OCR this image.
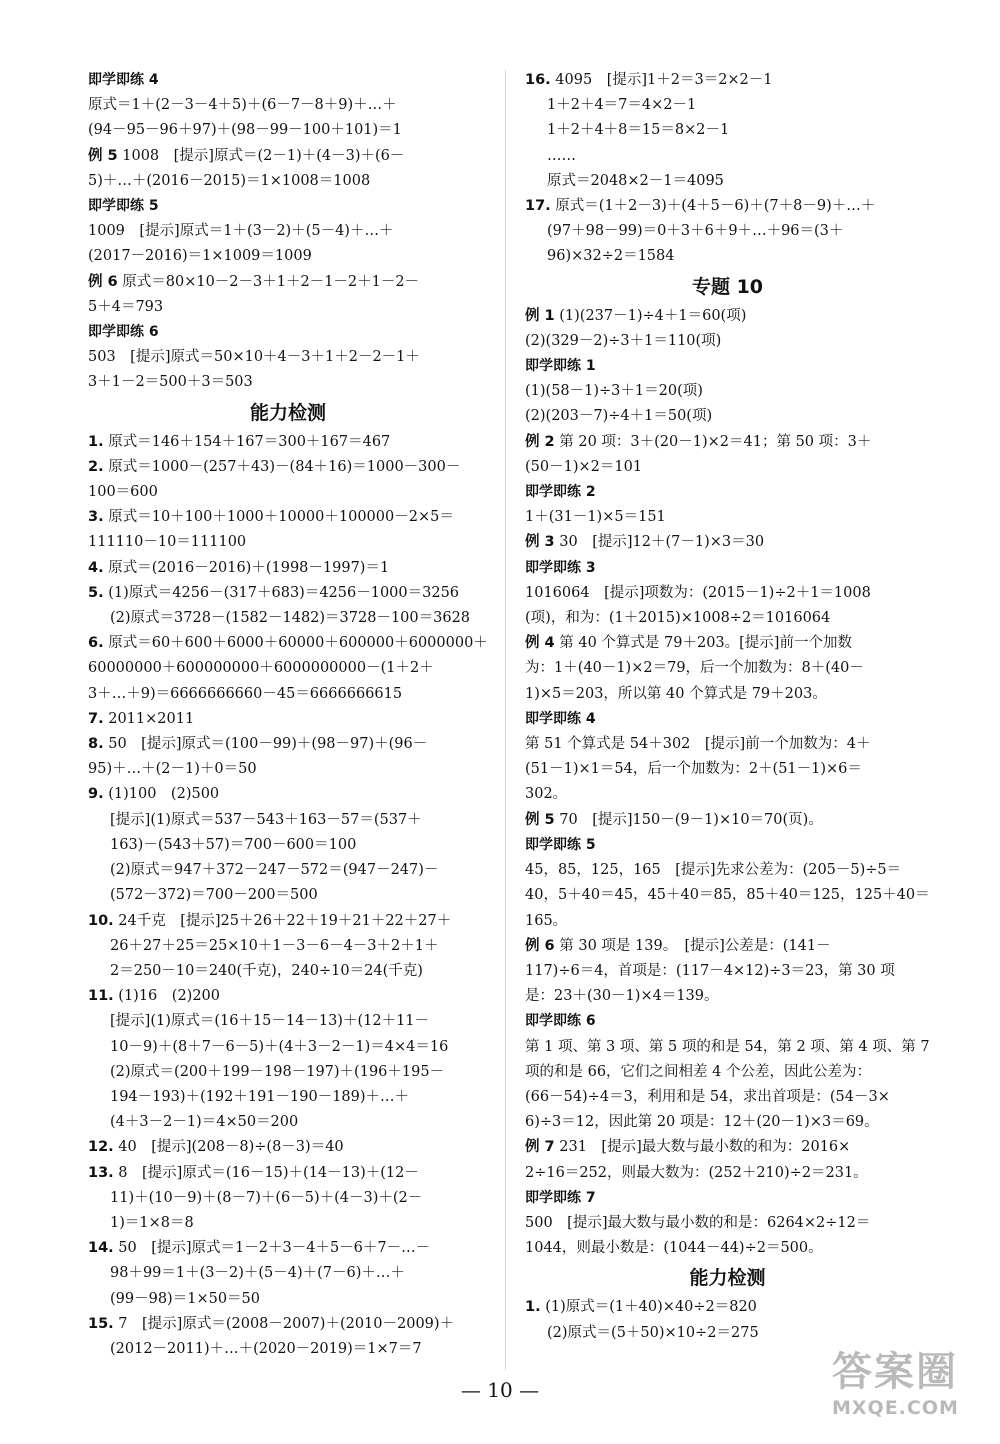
即学即练 4
原式＝1＋(2－3－4＋5)＋(6－7－8＋9)＋…＋
(94－95－96＋97)＋(98－99－100＋101)＝1
例 5 1008　[提示]原式＝(2－1)＋(4－3)＋(6－
5)＋…＋(2016－2015)＝1×1008＝1008
即学即练 5
1009　[提示]原式＝1＋(3－2)＋(5－4)＋…＋
(2017－2016)＝1×1009＝1009
例 6 原式＝80×10－2－3＋1＋2－1－2＋1－2－
5＋4＝793
即学即练 6
503　[提示]原式＝50×10＋4－3＋1＋2－2－1＋
3＋1－2＝500＋3＝503
能力检测
1. 原式＝146＋154＋167＝300＋167＝467
2. 原式＝1000－(257＋43)－(84＋16)＝1000－300－
100＝600
3. 原式＝10＋100＋1000＋10000＋100000－2×5＝
111110－10＝111100
4. 原式＝(2016－2016)＋(1998－1997)＝1
5. (1)原式＝4256－(317＋683)＝4256－1000＝3256
(2)原式＝3728－(1582－1482)＝3728－100＝3628
6. 原式＝60＋600＋6000＋60000＋600000＋6000000＋
60000000＋600000000＋6000000000－(1＋2＋
3＋…＋9)＝6666666660－45＝6666666615
7. 2011×2011
8. 50　[提示]原式＝(100－99)＋(98－97)＋(96－
95)＋…＋(2－1)＋0＝50
9. (1)100　(2)500
[提示](1)原式＝537－543＋163－57＝(537＋
163)－(543＋57)＝700－600＝100
(2)原式＝947＋372－247－572＝(947－247)－
(572－372)＝700－200＝500
10. 24千克　[提示]25＋26＋22＋19＋21＋22＋27＋
26＋27＋25＝25×10＋1－3－6－4－3＋2＋1＋
2＝250－10＝240(千克)，240÷10＝24(千克)
11. (1)16　(2)200
[提示](1)原式＝(16＋15－14－13)＋(12＋11－
10－9)＋(8＋7－6－5)＋(4＋3－2－1)＝4×4＝16
(2)原式＝(200＋199－198－197)＋(196＋195－
194－193)＋(192＋191－190－189)＋…＋
(4＋3－2－1)＝4×50＝200
12. 40　[提示](208－8)÷(8－3)＝40
13. 8　[提示]原式＝(16－15)＋(14－13)＋(12－
11)＋(10－9)＋(8－7)＋(6－5)＋(4－3)＋(2－
1)＝1×8＝8
14. 50　[提示]原式＝1－2＋3－4＋5－6＋7－…－
98＋99＝1＋(3－2)＋(5－4)＋(7－6)＋…＋
(99－98)＝1×50＝50
15. 7　[提示]原式＝(2008－2007)＋(2010－2009)＋
(2012－2011)＋…＋(2020－2019)＝1×7＝7
16. 4095　[提示]1＋2＝3＝2×2－1
1＋2＋4＝7＝4×2－1
1＋2＋4＋8＝15＝8×2－1
……
原式＝2048×2－1＝4095
17. 原式＝(1＋2－3)＋(4＋5－6)＋(7＋8－9)＋…＋
(97＋98－99)＝0＋3＋6＋9＋…＋96＝(3＋
96)×32÷2＝1584
专题 10
例 1 (1)(237－1)÷4＋1＝60(项)
(2)(329－2)÷3＋1＝110(项)
即学即练 1
(1)(58－1)÷3＋1＝20(项)
(2)(203－7)÷4＋1＝50(项)
例 2 第 20 项：3＋(20－1)×2＝41；第 50 项：3＋
(50－1)×2＝101
即学即练 2
1＋(31－1)×5＝151
例 3 30　[提示]12＋(7－1)×3＝30
即学即练 3
1016064　[提示]项数为：(2015－1)÷2＋1＝1008
(项)，和为：(1＋2015)×1008÷2＝1016064
例 4 第 40 个算式是 79＋203。[提示]前一个加数
为：1＋(40－1)×2＝79，后一个加数为：8＋(40－
1)×5＝203，所以第 40 个算式是 79＋203。
即学即练 4
第 51 个算式是 54＋302　[提示]前一个加数为：4＋
(51－1)×1＝54，后一个加数为：2＋(51－1)×6＝
302。
例 5 70　[提示]150－(9－1)×10＝70(页)。
即学即练 5
45，85，125，165　[提示]先求公差为：(205－5)÷5＝
40，5＋40＝45，45＋40＝85，85＋40＝125，125＋40＝
165。
例 6 第 30 项是 139。　[提示]公差是：(141－
117)÷6＝4，首项是：(117－4×12)÷3＝23，第 30 项
是：23＋(30－1)×4＝139。
即学即练 6
第 1 项、第 3 项、第 5 项的和是 54，第 2 项、第 4 项、第 7
项的和是 66，它们之间相差 4 个公差，因此公差为：
(66－54)÷4＝3，利用和是 54，求出首项是：(54－3×
6)÷3＝12，因此第 20 项是：12＋(20－1)×3＝69。
例 7 231　[提示]最大数与最小数的和为：2016×
2÷16＝252，则最大数为：(252＋210)÷2＝231。
即学即练 7
500　[提示]最大数与最小数的和是：6264×2÷12＝
1044，则最小数是：(1044－44)÷2＝500。
能力检测
1. (1)原式＝(1＋40)×40÷2＝820
(2)原式＝(5＋50)×10÷2＝275
— 10 —	答案圈
MXQE.COM
